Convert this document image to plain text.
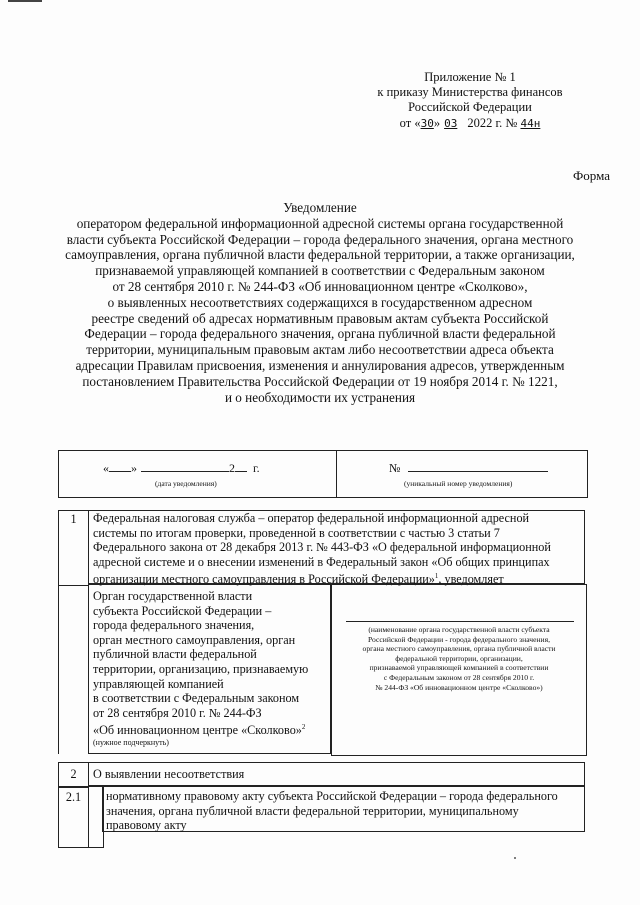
Приложение № 1
к приказу Министерства финансов
Российской Федерации
от «30» 03 2022 г. № 44н
Форма
Уведомление
оператором федеральной информационной адресной системы органа государственной
власти субъекта Российской Федерации – города федерального значения, органа местного
самоуправления, органа публичной власти федеральной территории, а также организации,
признаваемой управляющей компанией в соответствии с Федеральным законом
от 28 сентября 2010 г. № 244-ФЗ «Об инновационном центре «Сколково»,
о выявленных несоответствиях содержащихся в государственном адресном
реестре сведений об адресах нормативным правовым актам субъекта Российской
Федерации – города федерального значения, органа публичной власти федеральной
территории, муниципальным правовым актам либо несоответствии адреса объекта
адресации Правилам присвоения, изменения и аннулирования адресов, утвержденным
постановлением Правительства Российской Федерации от 19 ноября 2014 г. № 1221,
и о необходимости их устранения
« »	2 г.
(дата уведомления)
№
(уникальный номер уведомления)
1	Федеральная налоговая служба – оператор федеральной информационной адресной
системы по итогам проверки, проведенной в соответствии с частью 3 статьи 7
Федерального закона от 28 декабря 2013 г. № 443-ФЗ «О федеральной информационной
адресной системе и о внесении изменений в Федеральный закон «Об общих принципах
организации местного самоуправления в Российской Федерации»$^1$, уведомляет
Орган государственной власти
субъекта Российской Федерации –
города федерального значения,
орган местного самоуправления, орган
публичной власти федеральной
территории, организацию, признаваемую
управляющей компанией
в соответствии с Федеральным законом
от 28 сентября 2010 г. № 244-ФЗ
«Об инновационном центре «Сколково»$^2$
(нужное подчеркнуть)
(наименование органа государственной власти субъекта
Российской Федерации - города федерального значения,
органа местного самоуправления, органа публичной власти
федеральной территории, организации,
признаваемой управляющей компанией в соответствии
с Федеральным законом от 28 сентября 2010 г.
№ 244-ФЗ «Об инновационном центре «Сколково»)
2	О выявлении несоответствия
2.1	нормативному правовому акту субъекта Российской Федерации – города федерального
значения, органа публичной власти федеральной территории, муниципальному
правовому акту
